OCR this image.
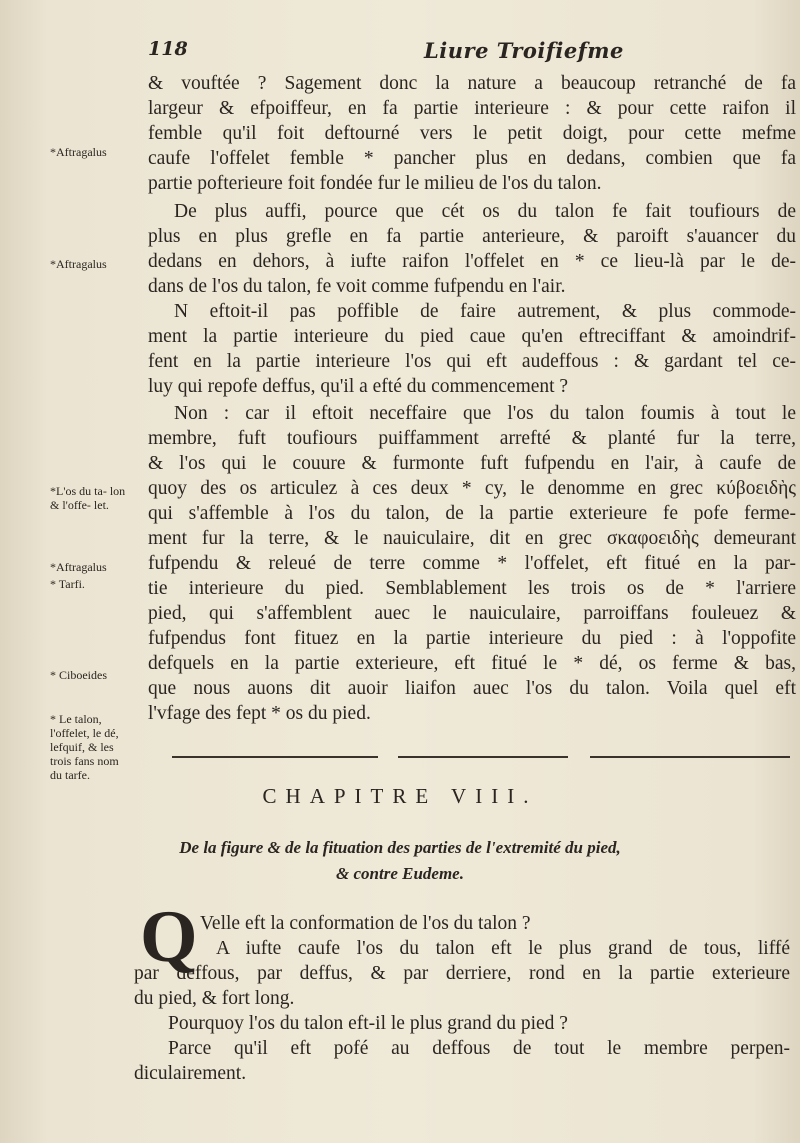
118	Liure Troifiefme
& vouftée ? Sagement donc la nature a beaucoup retranché de fa
largeur & efpoiffeur, en fa partie interieure : & pour cette raifon il
femble qu'il foit deftourné vers le petit doigt, pour cette mefme
caufe l'offelet femble * pancher plus en dedans, combien que fa
partie pofterieure foit fondée fur le milieu de l'os du talon.
De plus auffi, pource que cét os du talon fe fait toufiours de
plus en plus grefle en fa partie anterieure, & paroift s'auancer du
dedans en dehors, à iufte raifon l'offelet en * ce lieu-là par le de-
dans de l'os du talon, fe voit comme fufpendu en l'air.
N eftoit-il pas poffible de faire autrement, & plus commode-
ment la partie interieure du pied caue qu'en eftreciffant & amoindrif-
fent en la partie interieure l'os qui eft audeffous : & gardant tel ce-
luy qui repofe deffus, qu'il a efté du commencement ?
Non : car il eftoit neceffaire que l'os du talon foumis à tout le
membre, fuft toufiours puiffamment arrefté & planté fur la terre,
& l'os qui le couure & furmonte fuft fufpendu en l'air, à caufe de
quoy des os articulez à ces deux * cy, le denomme en grec κύβοειδὴς
qui s'affemble à l'os du talon, de la partie exterieure fe pofe ferme-
ment fur la terre, & le nauiculaire, dit en grec σκαφοειδὴς demeurant
fufpendu & releué de terre comme * l'offelet, eft fitué en la par-
tie interieure du pied. Semblablement les trois os de * l'arriere
pied, qui s'affemblent auec le nauiculaire, parroiffans fouleuez &
fufpendus font fituez en la partie interieure du pied : à l'oppofite
defquels en la partie exterieure, eft fitué le * dé, os ferme & bas,
que nous auons dit auoir liaifon auec l'os du talon. Voila quel eft
l'vfage des fept * os du pied.
*Aftragalus
*Aftragalus
*L'os du ta- lon & l'offe- let.
*Aftragalus
* Tarfi.
* Ciboeides
* Le talon, l'offelet, le dé, lefquif, & les trois fans nom du tarfe.
CHAPITRE VIII.
De la figure & de la fituation des parties de l'extremité du pied,
& contre Eudeme.
Q Velle eft la conformation de l'os du talon ?
A iufte caufe l'os du talon eft le plus grand de tous, liffé
par deffous, par deffus, & par derriere, rond en la partie exterieure
du pied, & fort long.
Pourquoy l'os du talon eft-il le plus grand du pied ?
Parce qu'il eft pofé au deffous de tout le membre perpen-
diculairement.
